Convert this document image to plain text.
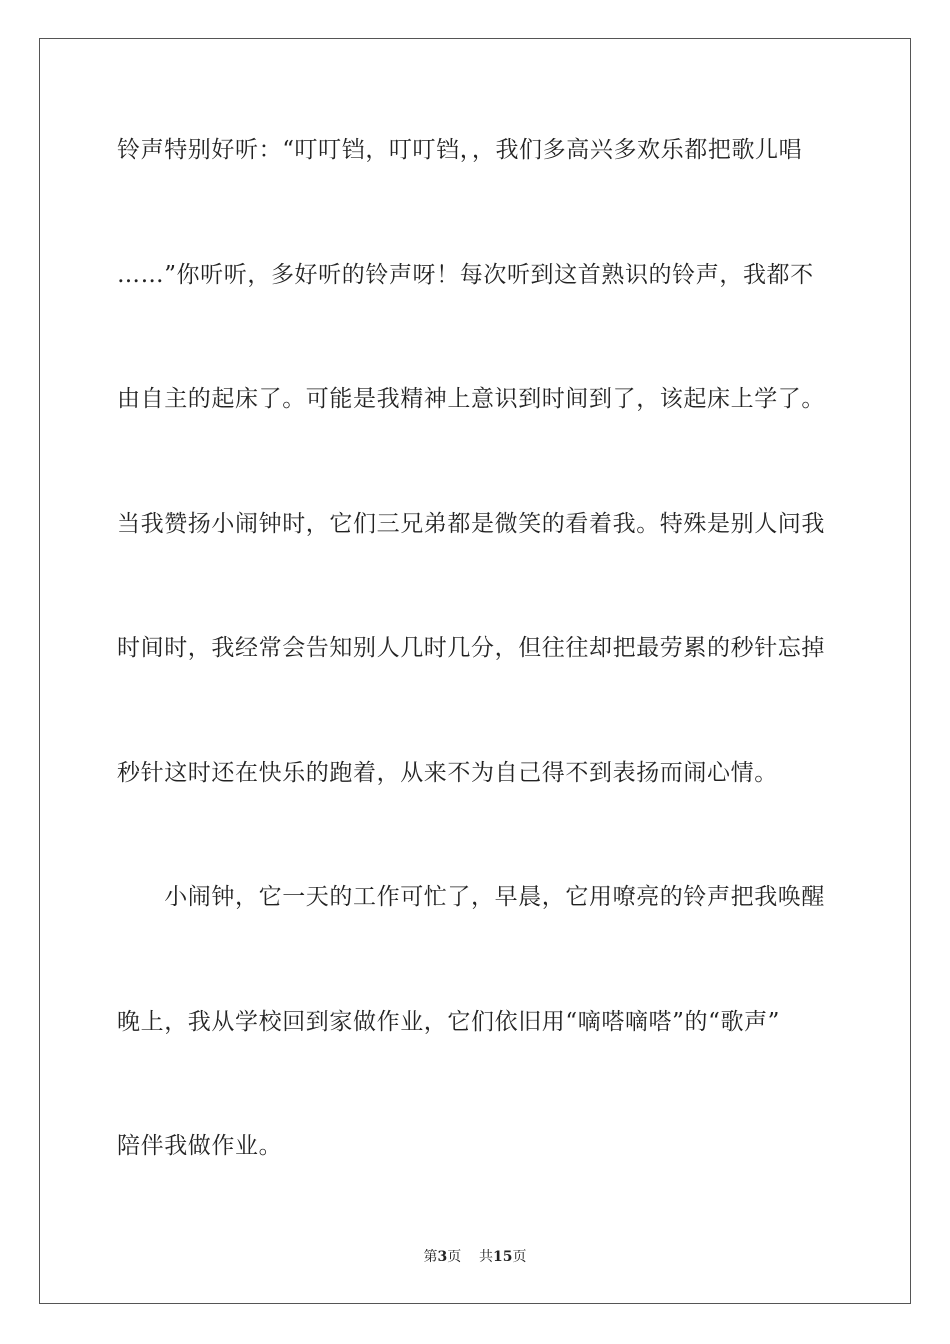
铃声特别好听：“叮叮铛，叮叮铛，，我们多高兴多欢乐都把歌儿唱
……”你听听，多好听的铃声呀！每次听到这首熟识的铃声，我都不
由自主的起床了。可能是我精神上意识到时间到了，该起床上学了。
当我赞扬小闹钟时，它们三兄弟都是微笑的看着我。特殊是别人问我
时间时，我经常会告知别人几时几分，但往往却把最劳累的秒针忘掉
秒针这时还在快乐的跑着，从来不为自己得不到表扬而闹心情。
　　小闹钟，它一天的工作可忙了，早晨，它用嘹亮的铃声把我唤醒
晚上，我从学校回到家做作业，它们依旧用“嘀嗒嘀嗒”的“歌声”
陪伴我做作业。
第3页 共15页
